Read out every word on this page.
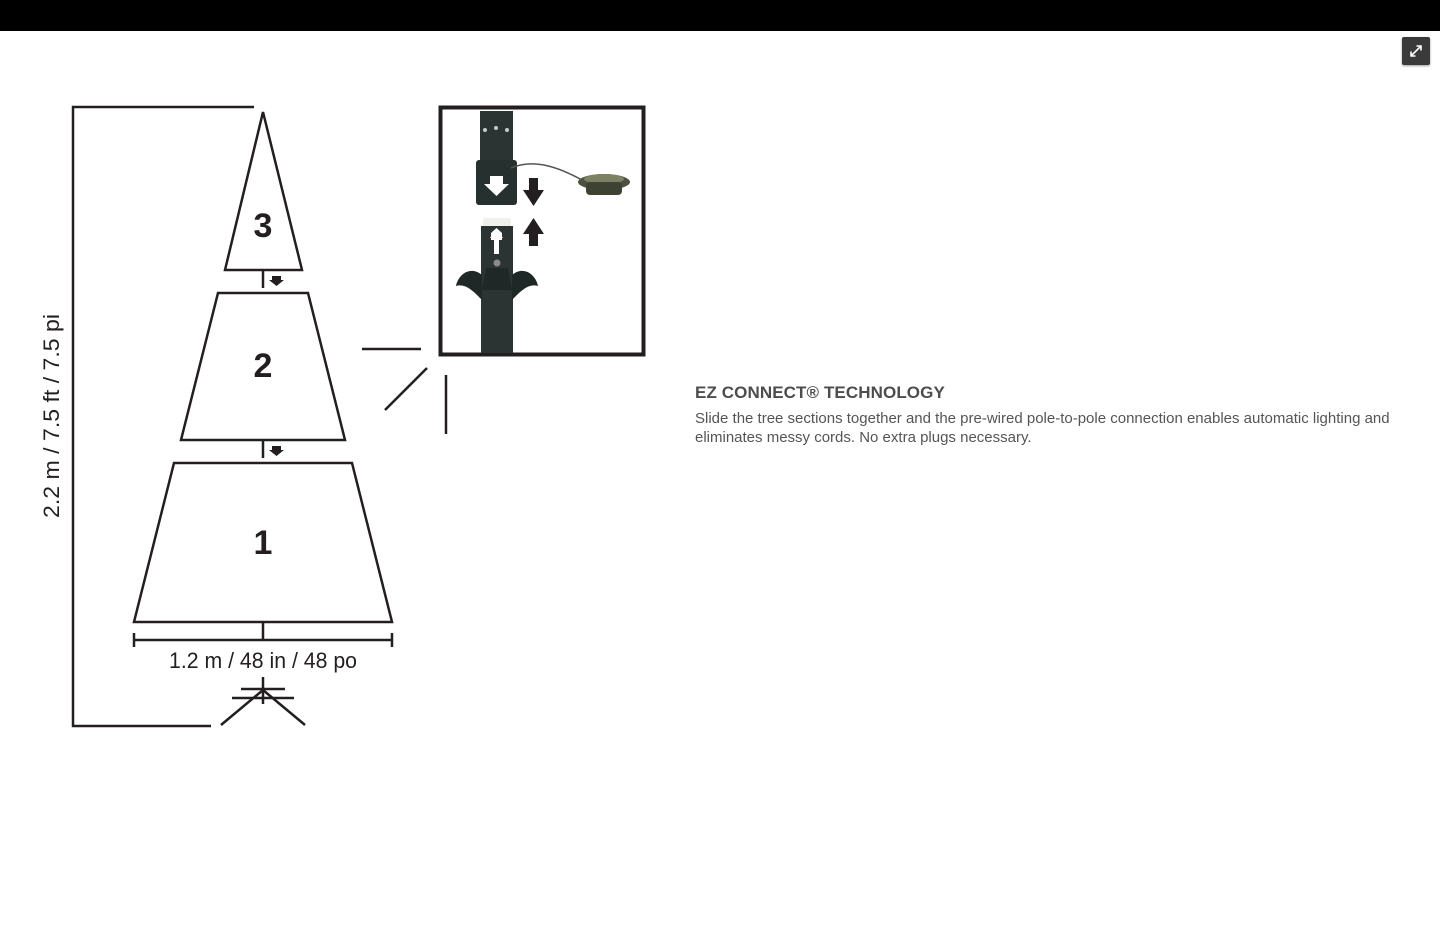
3
2
1
1.2 m / 48 in / 48 po
2.2 m / 7.5 ft / 7.5 pi	EZ CONNECT® TECHNOLOGY

Slide the tree sections together and the pre-wired pole-to-pole connection enables automatic lighting and eliminates messy cords. No extra plugs necessary.
